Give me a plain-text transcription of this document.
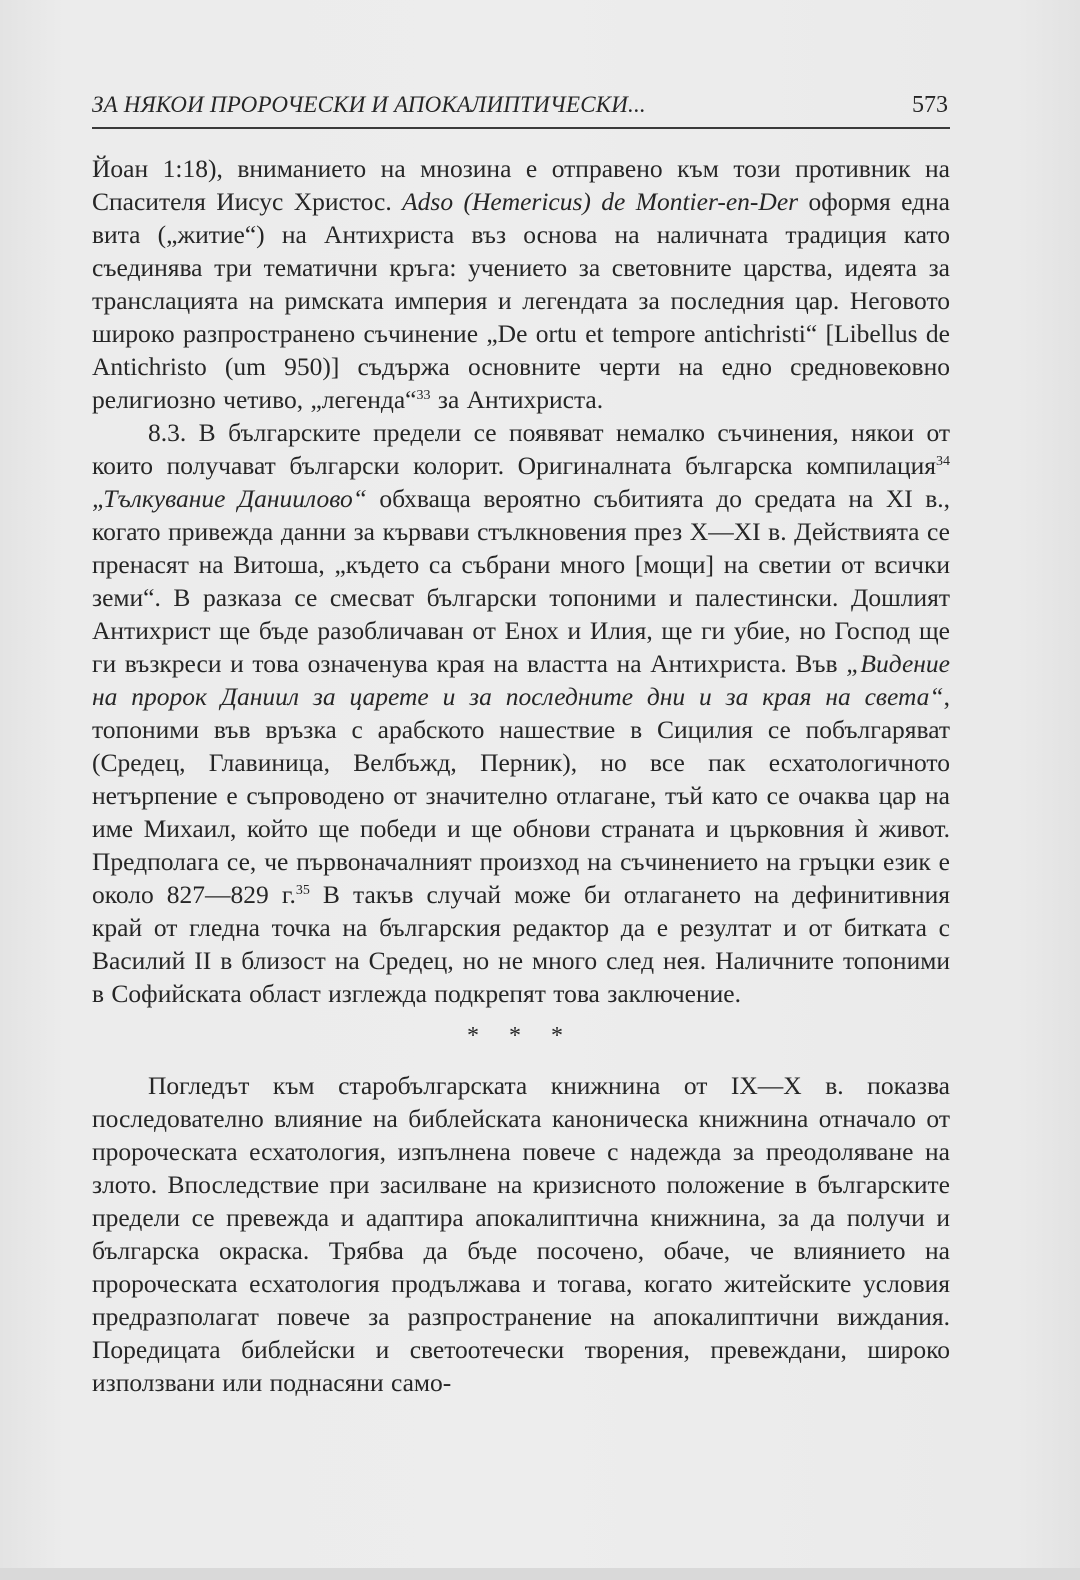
ЗА НЯКОИ ПРОРОЧЕСКИ И АПОКАЛИПТИЧЕСКИ...	573

Йоан 1:18), вниманието на мнозина е отправено към този противник на Спасителя Иисус Христос. Adso (Hemericus) de Montier-en-Der оформя една вита („житие“) на Антихриста въз основа на наличната традиция като съединява три тематични кръга: учението за световните царства, идеята за транслацията на римската империя и легендата за последния цар. Неговото широко разпространено съчинение „De ortu et tempore antichristi“ [Libellus de Antichristo (um 950)] съдържа основните черти на едно средновековно религиозно четиво, „легенда“$^{33}$ за Антихриста.

8.3. В българските предели се появяват немалко съчинения, някои от които получават български колорит. Оригиналната българска компилация$^{34}$ „Тълкувание Даниилово“ обхваща вероятно събитията до средата на XI в., когато привежда данни за кървави стълкновения през X—XI в. Действията се пренасят на Витоша, „където са събрани много [мощи] на светии от всички земи“. В разказа се смесват български топоними и палестински. Дошлият Антихрист ще бъде разобличаван от Енох и Илия, ще ги убие, но Господ ще ги възкреси и това означенува края на властта на Антихриста. Във „Видение на пророк Даниил за царете и за последните дни и за края на света“, топоними във връзка с арабското нашествие в Сицилия се побългаряват (Средец, Главиница, Велбъжд, Перник), но все пак есхатологичното нетърпение е съпроводено от значително отлагане, тъй като се очаква цар на име Михаил, който ще победи и ще обнови страната и църковния ѝ живот. Предполага се, че първоначалният произход на съчинението на гръцки език е около 827—829 г.$^{35}$ В такъв случай може би отлагането на дефинитивния край от гледна точка на българския редактор да е резултат и от битката с Василий II в близост на Средец, но не много след нея. Наличните топоними в Софийската област изглежда подкрепят това заключение.

* * *

Погледът към старобългарската книжнина от IX—X в. показва последователно влияние на библейската каноническа книжнина отначало от пророческата есхатология, изпълнена повече с надежда за преодоляване на злото. Впоследствие при засилване на кризисното положение в българските предели се превежда и адаптира апокалиптична книжнина, за да получи и българска окраска. Трябва да бъде посочено, обаче, че влиянието на пророческата есхатология продължава и тогава, когато житейските условия предразполагат повече за разпространение на апокалиптични виждания. Поредицата библейски и светоотечески творения, превеждани, широко използвани или поднасяни само-
